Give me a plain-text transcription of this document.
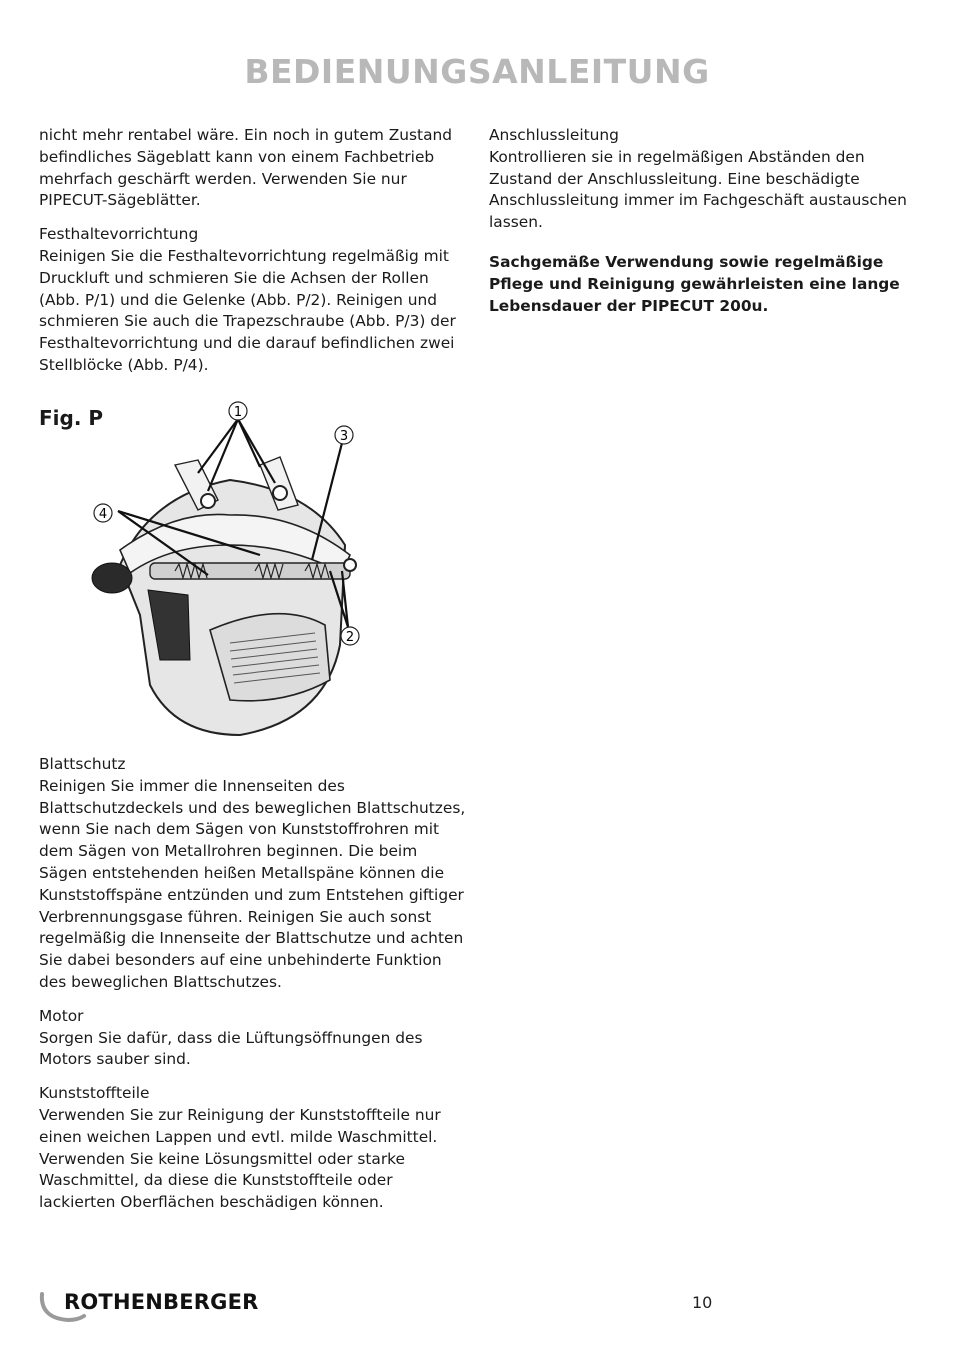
BEDIENUNGSANLEITUNG
nicht mehr rentabel wäre. Ein noch in gutem Zustand befindliches Sägeblatt kann von einem Fachbetrieb mehrfach geschärft werden. Verwenden Sie nur PIPECUT-Sägeblätter.
Festhaltevorrichtung
Reinigen Sie die Festhaltevorrichtung regelmäßig mit Druckluft und schmieren Sie die Achsen der Rollen (Abb. P/1) und die Gelenke (Abb. P/2). Reinigen und schmieren Sie auch die Trapezschraube (Abb. P/3) der Festhaltevorrichtung und die darauf befindlichen zwei Stellblöcke (Abb. P/4).
Anschlussleitung
Kontrollieren sie in regelmäßigen Abständen den Zustand der Anschlussleitung. Eine beschädigte Anschlussleitung immer im Fachgeschäft austauschen lassen.
Sachgemäße Verwendung sowie regelmäßige Pflege und Reinigung gewährleisten eine lange Lebensdauer der PIPECUT 200u.
Fig. P	1
2
3
4
Blattschutz
Reinigen Sie immer die Innenseiten des Blattschutzdeckels und des beweglichen Blattschutzes, wenn Sie nach dem Sägen von Kunststoffrohren mit dem Sägen von Metallrohren beginnen. Die beim Sägen entstehenden heißen Metallspäne können die Kunststoffspäne entzünden und zum Entstehen giftiger Verbrennungsgase führen. Reinigen Sie auch sonst regelmäßig die Innenseite der Blattschutze und achten Sie dabei besonders auf eine unbehinderte Funktion des beweglichen Blattschutzes.
Motor
Sorgen Sie dafür, dass die Lüftungsöffnungen des Motors sauber sind.
Kunststoffteile
Verwenden Sie zur Reinigung der Kunststoffteile nur einen weichen Lappen und evtl. milde Waschmittel. Verwenden Sie keine Lösungsmittel oder starke Waschmittel, da diese die Kunststoffteile oder lackierten Oberflächen beschädigen können.
ROTHENBERGER	10
